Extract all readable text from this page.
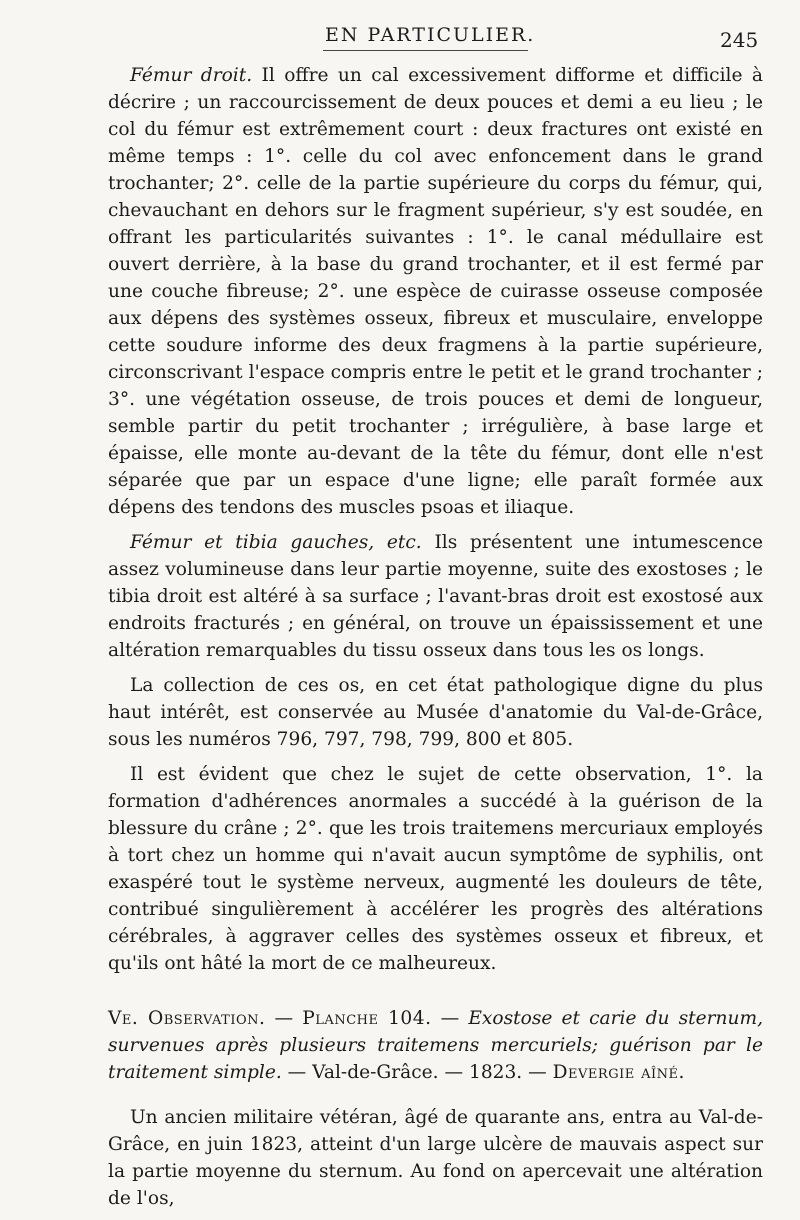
EN PARTICULIER.	245

Fémur droit. Il offre un cal excessivement difforme et difficile à décrire ; un raccourcissement de deux pouces et demi a eu lieu ; le col du fémur est extrêmement court : deux fractures ont existé en même temps : 1°. celle du col avec enfoncement dans le grand trochanter; 2°. celle de la partie supérieure du corps du fémur, qui, chevauchant en dehors sur le fragment supérieur, s'y est soudée, en offrant les particularités suivantes : 1°. le canal médullaire est ouvert derrière, à la base du grand trochanter, et il est fermé par une couche fibreuse; 2°. une espèce de cuirasse osseuse composée aux dépens des systèmes osseux, fibreux et musculaire, enveloppe cette soudure informe des deux fragmens à la partie supérieure, circonscrivant l'espace compris entre le petit et le grand trochanter ; 3°. une végétation osseuse, de trois pouces et demi de longueur, semble partir du petit trochanter ; irrégulière, à base large et épaisse, elle monte au-devant de la tête du fémur, dont elle n'est séparée que par un espace d'une ligne; elle paraît formée aux dépens des tendons des muscles psoas et iliaque.

Fémur et tibia gauches, etc. Ils présentent une intumescence assez volumineuse dans leur partie moyenne, suite des exostoses ; le tibia droit est altéré à sa surface ; l'avant-bras droit est exostosé aux endroits fracturés ; en général, on trouve un épaississement et une altération remarquables du tissu osseux dans tous les os longs.

La collection de ces os, en cet état pathologique digne du plus haut intérêt, est conservée au Musée d'anatomie du Val-de-Grâce, sous les numéros 796, 797, 798, 799, 800 et 805.

Il est évident que chez le sujet de cette observation, 1°. la formation d'adhérences anormales a succédé à la guérison de la blessure du crâne ; 2°. que les trois traitemens mercuriaux employés à tort chez un homme qui n'avait aucun symptôme de syphilis, ont exaspéré tout le système nerveux, augmenté les douleurs de tête, contribué singulièrement à accélérer les progrès des altérations cérébrales, à aggraver celles des systèmes osseux et fibreux, et qu'ils ont hâté la mort de ce malheureux.

Ve. Observation. — Planche 104. — Exostose et carie du sternum, survenues après plusieurs traitemens mercuriels; guérison par le traitement simple. — Val-de-Grâce. — 1823. — Devergie aîné.

Un ancien militaire vétéran, âgé de quarante ans, entra au Val-de-Grâce, en juin 1823, atteint d'un large ulcère de mauvais aspect sur la partie moyenne du sternum. Au fond on apercevait une altération de l'os,
